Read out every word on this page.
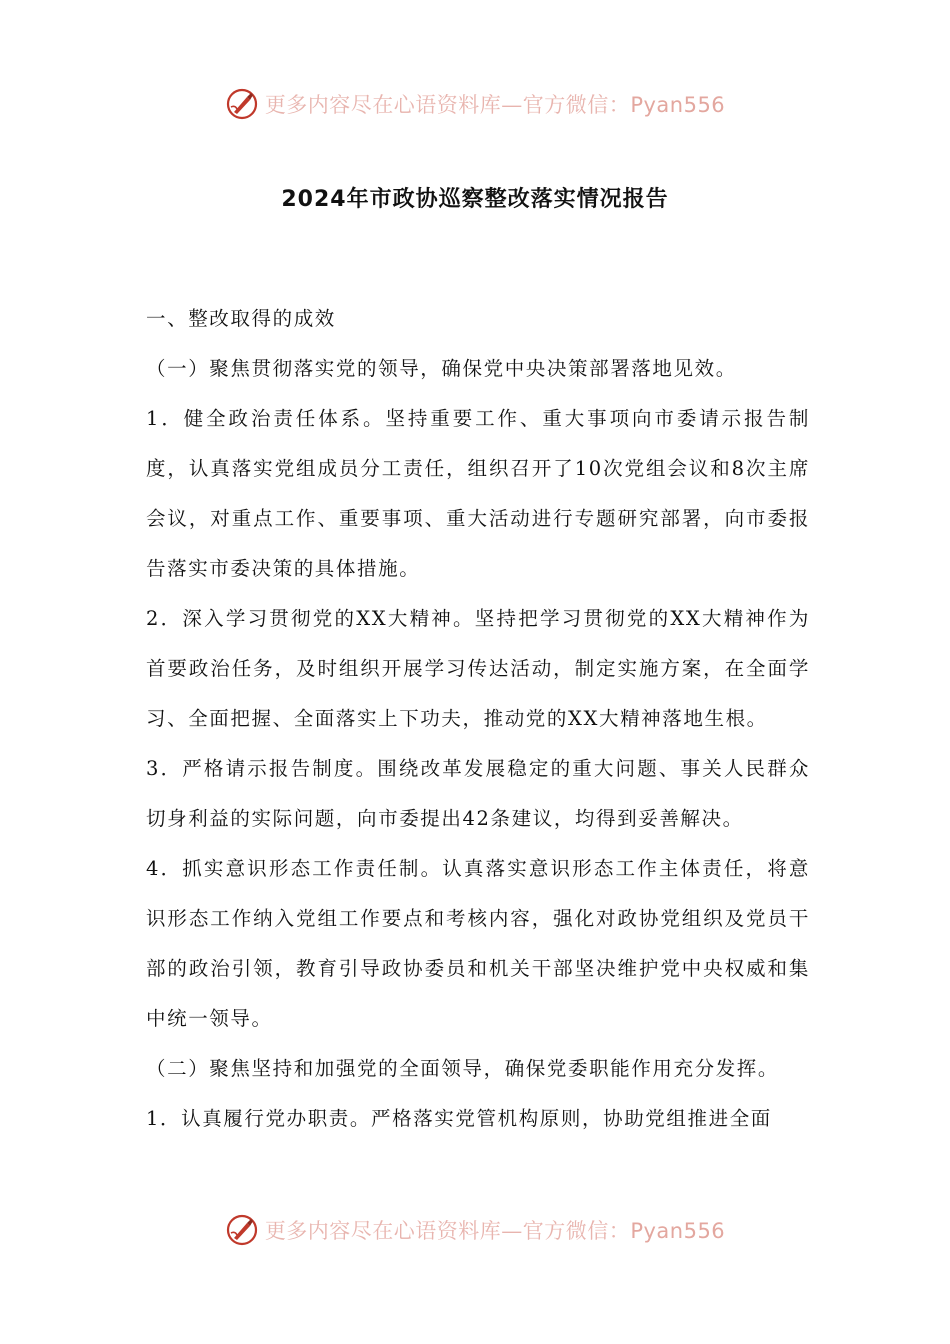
更多内容尽在心语资料库—官方微信：Pyan556
2024年市政协巡察整改落实情况报告

一、整改取得的成效

（一）聚焦贯彻落实党的领导，确保党中央决策部署落地见效。

1．健全政治责任体系。坚持重要工作、重大事项向市委请示报告制度，认真落实党组成员分工责任，组织召开了10次党组会议和8次主席会议，对重点工作、重要事项、重大活动进行专题研究部署，向市委报告落实市委决策的具体措施。

2．深入学习贯彻党的XX大精神。坚持把学习贯彻党的XX大精神作为首要政治任务，及时组织开展学习传达活动，制定实施方案，在全面学习、全面把握、全面落实上下功夫，推动党的XX大精神落地生根。

3．严格请示报告制度。围绕改革发展稳定的重大问题、事关人民群众切身利益的实际问题，向市委提出42条建议，均得到妥善解决。

4．抓实意识形态工作责任制。认真落实意识形态工作主体责任，将意识形态工作纳入党组工作要点和考核内容，强化对政协党组织及党员干部的政治引领，教育引导政协委员和机关干部坚决维护党中央权威和集中统一领导。

（二）聚焦坚持和加强党的全面领导，确保党委职能作用充分发挥。

1．认真履行党办职责。严格落实党管机构原则，协助党组推进全面

更多内容尽在心语资料库—官方微信：Pyan556
